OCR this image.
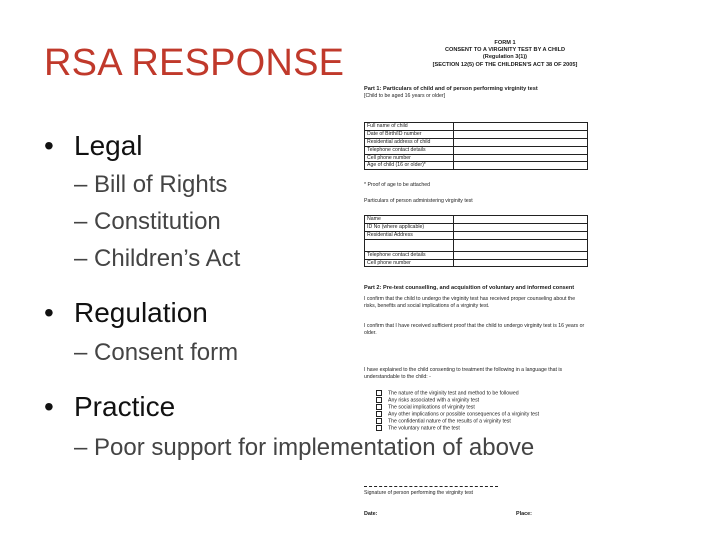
RSA RESPONSE
• Legal
– Bill of Rights
– Constitution
– Children’s Act
• Regulation
– Consent form
• Practice
– Poor support for implementation of above
FORM 1
CONSENT TO A VIRGINITY TEST BY A CHILD
(Regulation 3(1))
[SECTION 12(5) OF THE CHILDREN'S ACT 38 OF 2005]
Part 1: Particulars of child and of person performing virginity test
[Child to be aged 16 years or older]
Full name of child
Date of Birth/ID number
Residential address of child
Telephone contact details
Cell phone number
Age of child (16 or older)*
* Proof of age to be attached
Particulars of person administering virginity test
Name
ID No (where applicable)
Residential Address
Telephone contact details
Cell phone number
Part 2: Pre-test counselling, and acquisition of voluntary and informed consent
I confirm that the child to undergo the virginity test has received proper counseling about the risks, benefits and social implications of a virginity test.
I confirm that I have received sufficient proof that the child to undergo virginity test is 16 years or older.
I have explained to the child consenting to treatment the following in a language that is understandable to the child: -
The nature of the virginity test and method to be followed
Any risks associated with a virginity test
The social implications of virginity test
Any other implications or possible consequences of a virginity test
The confidential nature of the results of a virginity test
The voluntary nature of the test
Signature of person performing the virginity test
Date:	Place:
